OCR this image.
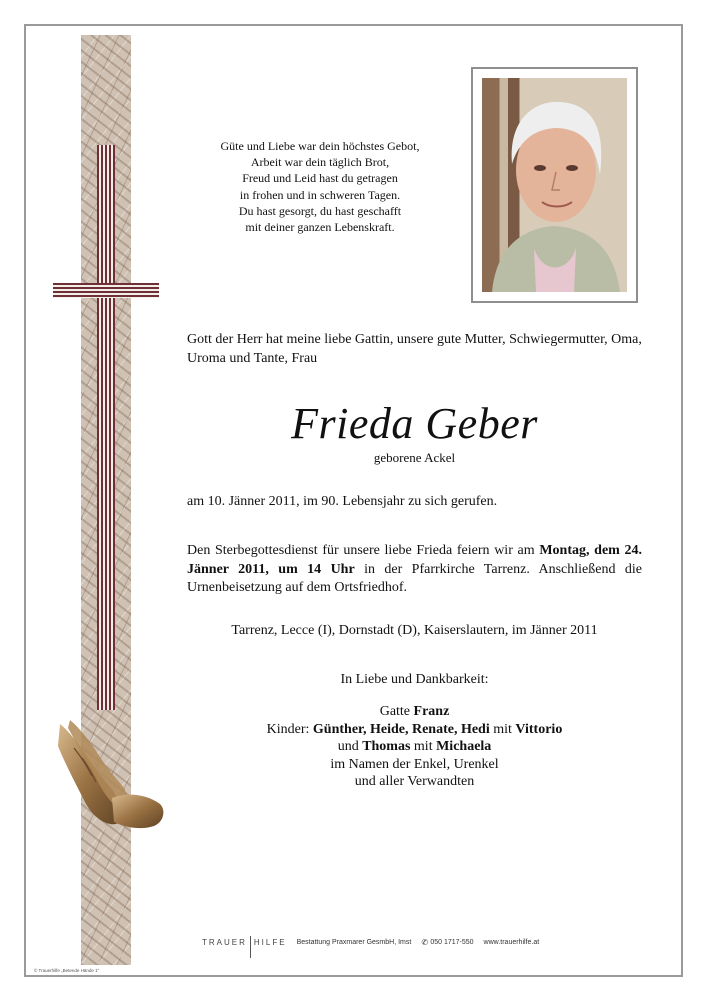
Güte und Liebe war dein höchstes Gebot,
Arbeit war dein täglich Brot,
Freud und Leid hast du getragen
in frohen und in schweren Tagen.
Du hast gesorgt, du hast geschafft
mit deiner ganzen Lebenskraft.
Gott der Herr hat meine liebe Gattin, unsere gute Mutter, Schwiegermutter, Oma, Uroma und Tante, Frau
Frieda Geber
geborene Ackel
am 10. Jänner 2011, im 90. Lebensjahr zu sich gerufen.
Den Sterbegottesdienst für unsere liebe Frieda feiern wir am Montag, dem 24. Jänner 2011, um 14 Uhr in der Pfarrkirche Tarrenz. Anschließend die Urnenbeisetzung auf dem Ortsfriedhof.
Tarrenz, Lecce (I), Dornstadt (D), Kaiserslautern, im Jänner 2011
In Liebe und Dankbarkeit:
Gatte Franz
Kinder: Günther, Heide, Renate, Hedi mit Vittorio
und Thomas mit Michaela
im Namen der Enkel, Urenkel
und aller Verwandten
TRAUER HILFE Bestattung Praxmarer GesmbH, Imst ✆ 050 1717-550 www.trauerhilfe.at
© Trauerhilfe „Betende Hände 1“
